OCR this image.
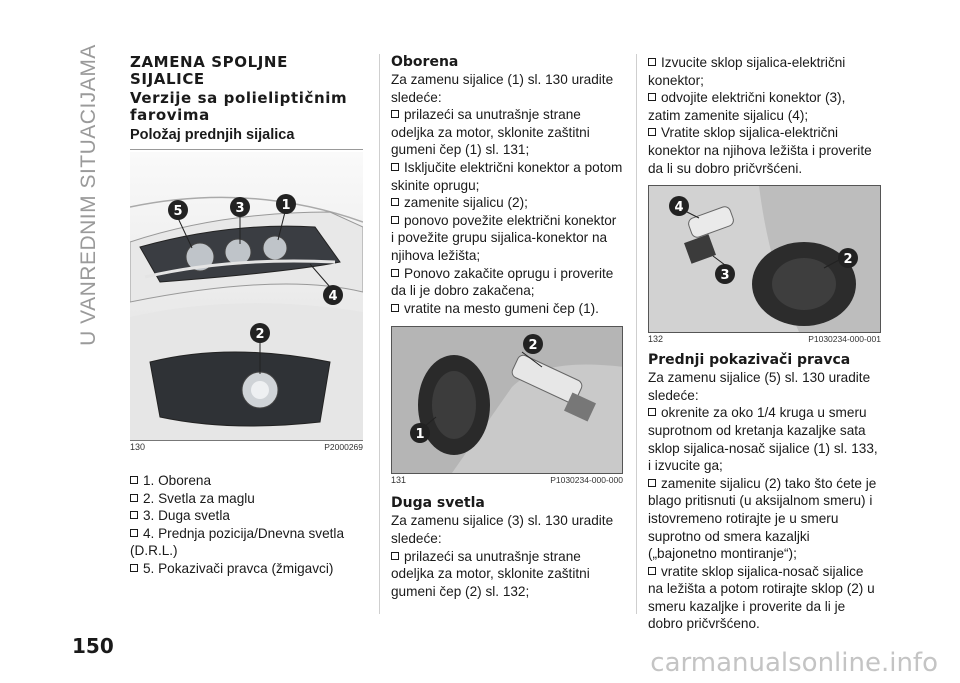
U VANREDNIM SITUACIJAMA ZAMENA SPOLJNE
SIJALICE
Verzije sa polieliptičnim
farovima
Položaj prednjih sijalica
5	3	1
4
2
130	P2000269

1. Oborena

2. Svetla za maglu

3. Duga svetla

4. Prednja pozicija/Dnevna svetla (D.R.L.)

5. Pokazivači pravca (žmigavci)

Oborena

Za zamenu sijalice (1) sl. 130 uradite sledeće:

prilazeći sa unutrašnje strane odeljka za motor, sklonite zaštitni gumeni čep (1) sl. 131;

Isključite električni konektor a potom skinite oprugu;

zamenite sijalicu (2);

ponovo povežite električni konektor i povežite grupu sijalica-konektor na njihova ležišta;

Ponovo zakačite oprugu i proverite da li je dobro zakačena;

vratite na mesto gumeni čep (1).

2
1
131	P1030234-000-000
Duga svetla

Za zamenu sijalice (3) sl. 130 uradite sledeće:

prilazeći sa unutrašnje strane odeljka za motor, sklonite zaštitni gumeni čep (2) sl. 132;

Izvucite sklop sijalica-električni konektor;

odvojite električni konektor (3), zatim zamenite sijalicu (4);

Vratite sklop sijalica-električni konektor na njihova ležišta i proverite da li su dobro pričvršćeni.

4
2
3
132	P1030234-000-001
Prednji pokazivači pravca

Za zamenu sijalice (5) sl. 130 uradite sledeće:

okrenite za oko 1/4 kruga u smeru suprotnom od kretanja kazaljke sata sklop sijalica-nosač sijalice (1) sl. 133, i izvucite ga;

zamenite sijalicu (2) tako što ćete je blago pritisnuti (u aksijalnom smeru) i istovremeno rotirajte je u smeru suprotno od smera kazaljki („bajonetno montiranje“);

vratite sklop sijalica-nosač sijalice na ležišta a potom rotirajte sklop (2) u smeru kazaljke i proverite da li je dobro pričvršćeno.

150
carmanualsonline.info
